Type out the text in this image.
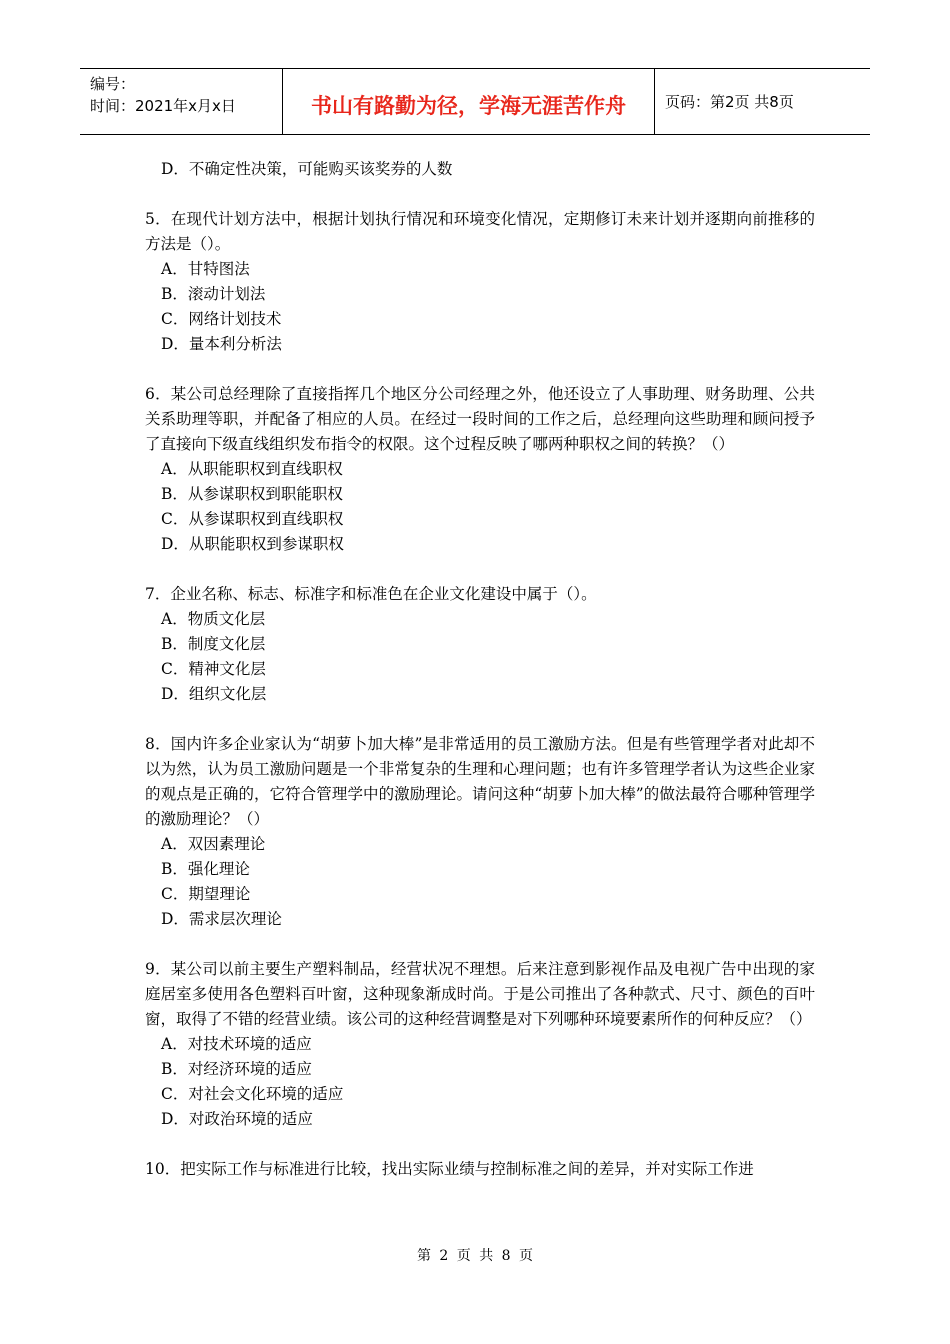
编号：
时间：2021年x月x日	书山有路勤为径，学海无涯苦作舟	页码：第2页 共8页
D．不确定性决策，可能购买该奖券的人数
5．在现代计划方法中，根据计划执行情况和环境变化情况，定期修订未来计划并逐期向前推移的方法是（）。
A．甘特图法
B．滚动计划法
C．网络计划技术
D．量本利分析法
6．某公司总经理除了直接指挥几个地区分公司经理之外，他还设立了人事助理、财务助理、公共关系助理等职，并配备了相应的人员。在经过一段时间的工作之后，总经理向这些助理和顾问授予了直接向下级直线组织发布指令的权限。这个过程反映了哪两种职权之间的转换？（）
A．从职能职权到直线职权
B．从参谋职权到职能职权
C．从参谋职权到直线职权
D．从职能职权到参谋职权
7．企业名称、标志、标准字和标准色在企业文化建设中属于（）。
A．物质文化层
B．制度文化层
C．精神文化层
D．组织文化层
8．国内许多企业家认为“胡萝卜加大棒”是非常适用的员工激励方法。但是有些管理学者对此却不以为然，认为员工激励问题是一个非常复杂的生理和心理问题；也有许多管理学者认为这些企业家的观点是正确的，它符合管理学中的激励理论。请问这种“胡萝卜加大棒”的做法最符合哪种管理学的激励理论？（）
A．双因素理论
B．强化理论
C．期望理论
D．需求层次理论
9．某公司以前主要生产塑料制品，经营状况不理想。后来注意到影视作品及电视广告中出现的家庭居室多使用各色塑料百叶窗，这种现象渐成时尚。于是公司推出了各种款式、尺寸、颜色的百叶窗，取得了不错的经营业绩。该公司的这种经营调整是对下列哪种环境要素所作的何种反应？（）
A．对技术环境的适应
B．对经济环境的适应
C．对社会文化环境的适应
D．对政治环境的适应
10．把实际工作与标准进行比较，找出实际业绩与控制标准之间的差异，并对实际工作进
第 2 页 共 8 页
